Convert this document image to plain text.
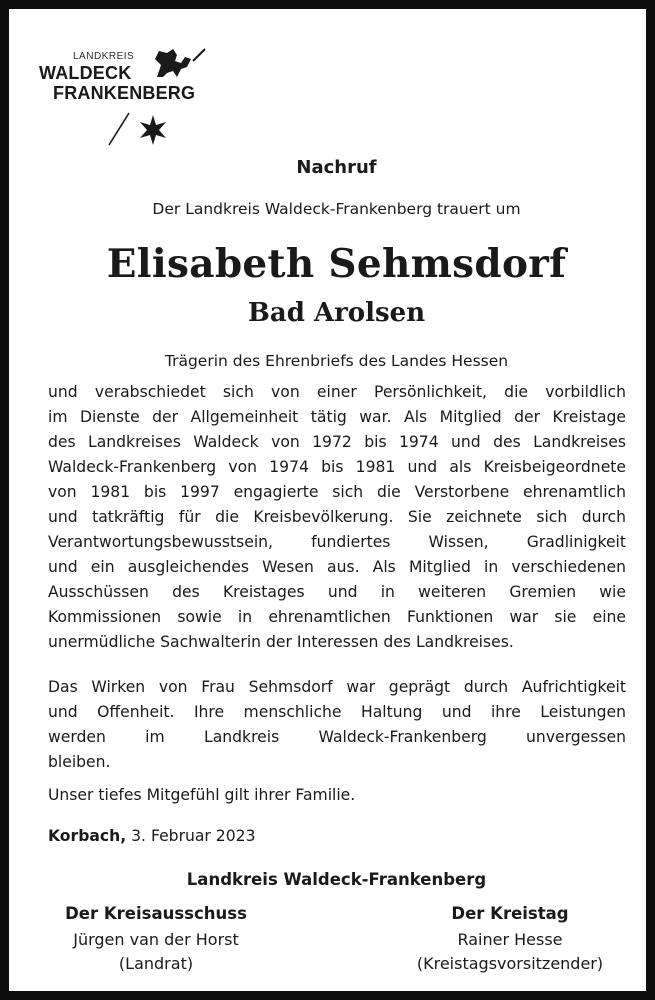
LANDKREIS
WALDECK
FRANKENBERG
Nachruf
Der Landkreis Waldeck-Frankenberg trauert um
Elisabeth Sehmsdorf
Bad Arolsen
Trägerin des Ehrenbriefs des Landes Hessen
und verabschiedet sich von einer Persönlichkeit, die vorbildlich
im Dienste der Allgemeinheit tätig war. Als Mitglied der Kreistage
des Landkreises Waldeck von 1972 bis 1974 und des Landkreises
Waldeck-Frankenberg von 1974 bis 1981 und als Kreisbeigeordnete
von 1981 bis 1997 engagierte sich die Verstorbene ehrenamtlich
und tatkräftig für die Kreisbevölkerung. Sie zeichnete sich durch
Verantwortungsbewusstsein, fundiertes Wissen, Gradlinigkeit
und ein ausgleichendes Wesen aus. Als Mitglied in verschiedenen
Ausschüssen des Kreistages und in weiteren Gremien wie
Kommissionen sowie in ehrenamtlichen Funktionen war sie eine
unermüdliche Sachwalterin der Interessen des Landkreises.
Das Wirken von Frau Sehmsdorf war geprägt durch Aufrichtigkeit
und Offenheit. Ihre menschliche Haltung und ihre Leistungen
werden im Landkreis Waldeck-Frankenberg unvergessen
bleiben.
Unser tiefes Mitgefühl gilt ihrer Familie.
Korbach, 3. Februar 2023
Landkreis Waldeck-Frankenberg
Der Kreisausschuss
Jürgen van der Horst
(Landrat)
Der Kreistag
Rainer Hesse
(Kreistagsvorsitzender)
